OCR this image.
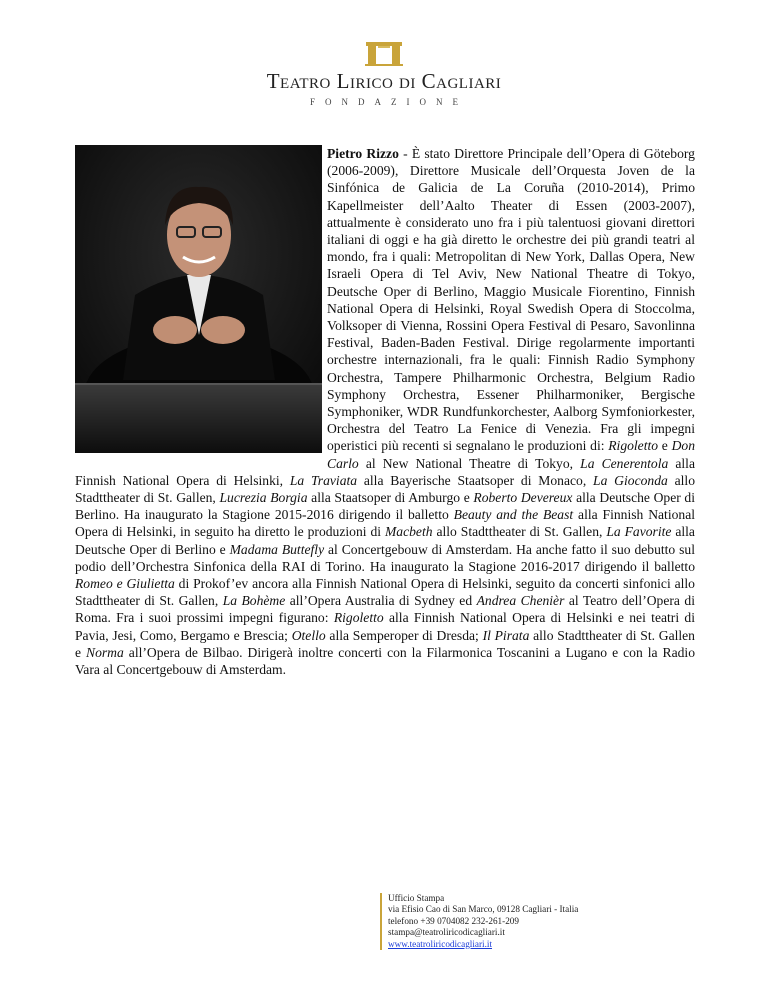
Teatro Lirico di Cagliari
FONDAZIONE
Pietro Rizzo - È stato Direttore Principale dell’Opera di Göteborg (2006-2009), Direttore Musicale dell’Orquesta Joven de la Sinfónica de Galicia de La Coruña (2010-2014), Primo Kapellmeister dell’Aalto Theater di Essen (2003-2007), attualmente è considerato uno fra i più talentuosi giovani direttori italiani di oggi e ha già diretto le orchestre dei più grandi teatri al mondo, fra i quali: Metropolitan di New York, Dallas Opera, New Israeli Opera di Tel Aviv, New National Theatre di Tokyo, Deutsche Oper di Berlino, Maggio Musicale Fiorentino, Finnish National Opera di Helsinki, Royal Swedish Opera di Stoccolma, Volksoper di Vienna, Rossini Opera Festival di Pesaro, Savonlinna Festival, Baden-Baden Festival. Dirige regolarmente importanti orchestre internazionali, fra le quali: Finnish Radio Symphony Orchestra, Tampere Philharmonic Orchestra, Belgium Radio Symphony Orchestra, Essener Philharmoniker, Bergische Symphoniker, WDR Rundfunkorchester, Aalborg Symfoniorkester, Orchestra del Teatro La Fenice di Venezia. Fra gli impegni operistici più recenti si segnalano le produzioni di: Rigoletto e Don Carlo al New National Theatre di Tokyo, La Cenerentola alla Finnish National Opera di Helsinki, La Traviata alla Bayerische Staatsoper di Monaco, La Gioconda allo Stadttheater di St. Gallen, Lucrezia Borgia alla Staatsoper di Amburgo e Roberto Devereux alla Deutsche Oper di Berlino. Ha inaugurato la Stagione 2015-2016 dirigendo il balletto Beauty and the Beast alla Finnish National Opera di Helsinki, in seguito ha diretto le produzioni di Macbeth allo Stadttheater di St. Gallen, La Favorite alla Deutsche Oper di Berlino e Madama Buttefly al Concertgebouw di Amsterdam. Ha anche fatto il suo debutto sul podio dell’Orchestra Sinfonica della RAI di Torino. Ha inaugurato la Stagione 2016-2017 dirigendo il balletto Romeo e Giulietta di Prokof’ev ancora alla Finnish National Opera di Helsinki, seguito da concerti sinfonici allo Stadttheater di St. Gallen, La Bohème all’Opera Australia di Sydney ed Andrea Chenièr al Teatro dell’Opera di Roma. Fra i suoi prossimi impegni figurano: Rigoletto alla Finnish National Opera di Helsinki e nei teatri di Pavia, Jesi, Como, Bergamo e Brescia; Otello alla Semperoper di Dresda; Il Pirata allo Stadttheater di St. Gallen e Norma all’Opera de Bilbao. Dirigerà inoltre concerti con la Filarmonica Toscanini a Lugano e con la Radio Vara al Concertgebouw di Amsterdam.
Ufficio Stampa
via Efisio Cao di San Marco, 09128 Cagliari - Italia
telefono +39 0704082 232-261-209
stampa@teatroliricodicagliari.it
www.teatroliricodicagliari.it
